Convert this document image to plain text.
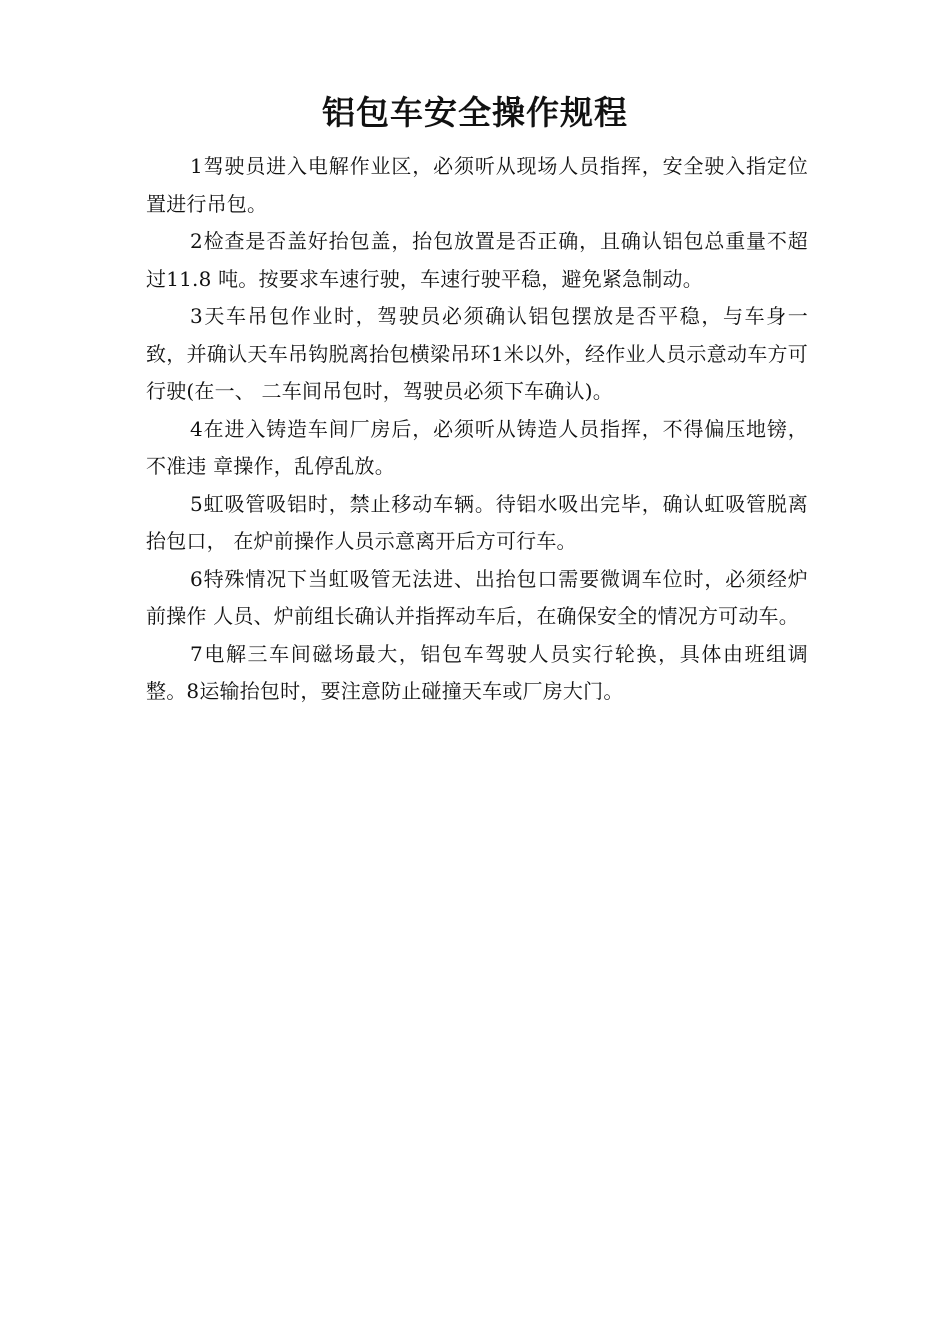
铝包车安全操作规程

1驾驶员进入电解作业区，必须听从现场人员指挥，安全驶入指定位置进行吊包。

2检查是否盖好抬包盖，抬包放置是否正确，且确认铝包总重量不超过11.8 吨。按要求车速行驶，车速行驶平稳，避免紧急制动。

3天车吊包作业时，驾驶员必须确认铝包摆放是否平稳，与车身一致，并确认天车吊钩脱离抬包横梁吊环1米以外，经作业人员示意动车方可行驶(在一、 二车间吊包时，驾驶员必须下车确认)。

4在进入铸造车间厂房后，必须听从铸造人员指挥，不得偏压地镑，不准违 章操作，乱停乱放。

5虹吸管吸铝时，禁止移动车辆。待铝水吸出完毕，确认虹吸管脱离抬包口， 在炉前操作人员示意离开后方可行车。

6特殊情况下当虹吸管无法进、出抬包口需要微调车位时，必须经炉前操作 人员、炉前组长确认并指挥动车后，在确保安全的情况方可动车。

7电解三车间磁场最大，铝包车驾驶人员实行轮换，具体由班组调整。8运输抬包时，要注意防止碰撞天车或厂房大门。
